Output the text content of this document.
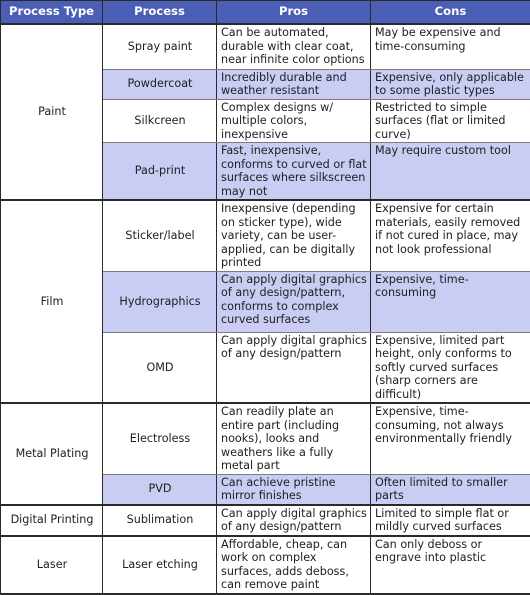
Process Type	Process	Pros	Cons
Paint	Spray paint	Can be automated, durable with clear coat, near infinite color options	May be expensive and time-consuming
	Powdercoat	Incredibly durable and weather resistant	Expensive, only applicable to some plastic types
	Silkcreen	Complex designs w/ multiple colors, inexpensive	Restricted to simple surfaces (flat or limited curve)
	Pad-print	Fast, inexpensive, conforms to curved or flat surfaces where silkscreen may not	May require custom tool
Film	Sticker/label	Inexpensive (depending on sticker type), wide variety, can be user-applied, can be digitally printed	Expensive for certain materials, easily removed if not cured in place, may not look professional
	Hydrographics	Can apply digital graphics of any design/pattern, conforms to complex curved surfaces	Expensive, time-consuming
	OMD	Can apply digital graphics of any design/pattern	Expensive, limited part height, only conforms to softly curved surfaces (sharp corners are difficult)
Metal Plating	Electroless	Can readily plate an entire part (including nooks), looks and weathers like a fully metal part	Expensive, time-consuming, not always environmentally friendly
	PVD	Can achieve pristine mirror finishes	Often limited to smaller parts
Digital Printing	Sublimation	Can apply digital graphics of any design/pattern	Limited to simple flat or mildly curved surfaces
Laser	Laser etching	Affordable, cheap, can work on complex surfaces, adds deboss, can remove paint	Can only deboss or engrave into plastic
